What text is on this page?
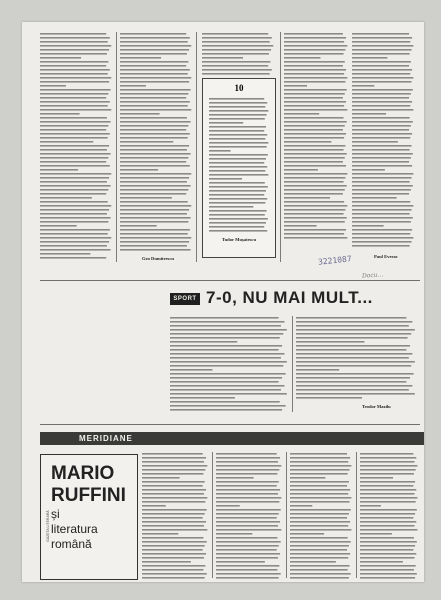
Geo Dumitrescu
10
Tudor Mușatescu
Paul Everac
3221087
Docu...
SPORT 7-0, NU MAI MULT...
Teodor Mazilu
MERIDIANE
MARIO
RUFFINI
și
literatura
română
GAZETA LITERARĂ
